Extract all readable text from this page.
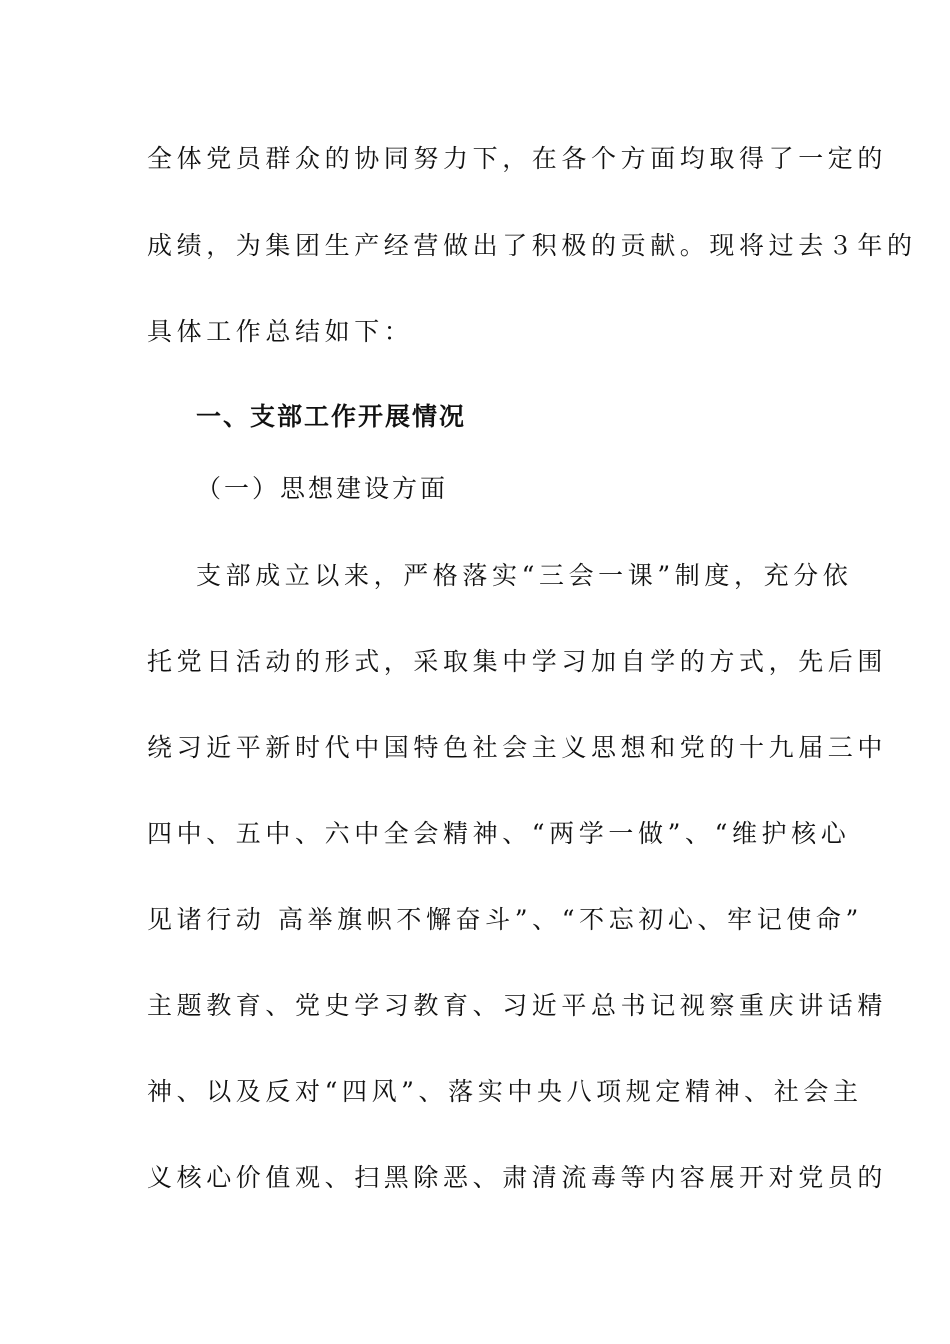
全体党员群众的协同努力下，在各个方面均取得了一定的
成绩，为集团生产经营做出了积极的贡献。现将过去３年的
具体工作总结如下：
一、支部工作开展情况
（一）思想建设方面
支部成立以来，严格落实“三会一课”制度，充分依
托党日活动的形式，采取集中学习加自学的方式，先后围
绕习近平新时代中国特色社会主义思想和党的十九届三中
四中、五中、六中全会精神、“两学一做”、“维护核心
见诸行动 高举旗帜不懈奋斗”、“不忘初心、牢记使命”
主题教育、党史学习教育、习近平总书记视察重庆讲话精
神、以及反对“四风”、落实中央八项规定精神、社会主
义核心价值观、扫黑除恶、肃清流毒等内容展开对党员的
